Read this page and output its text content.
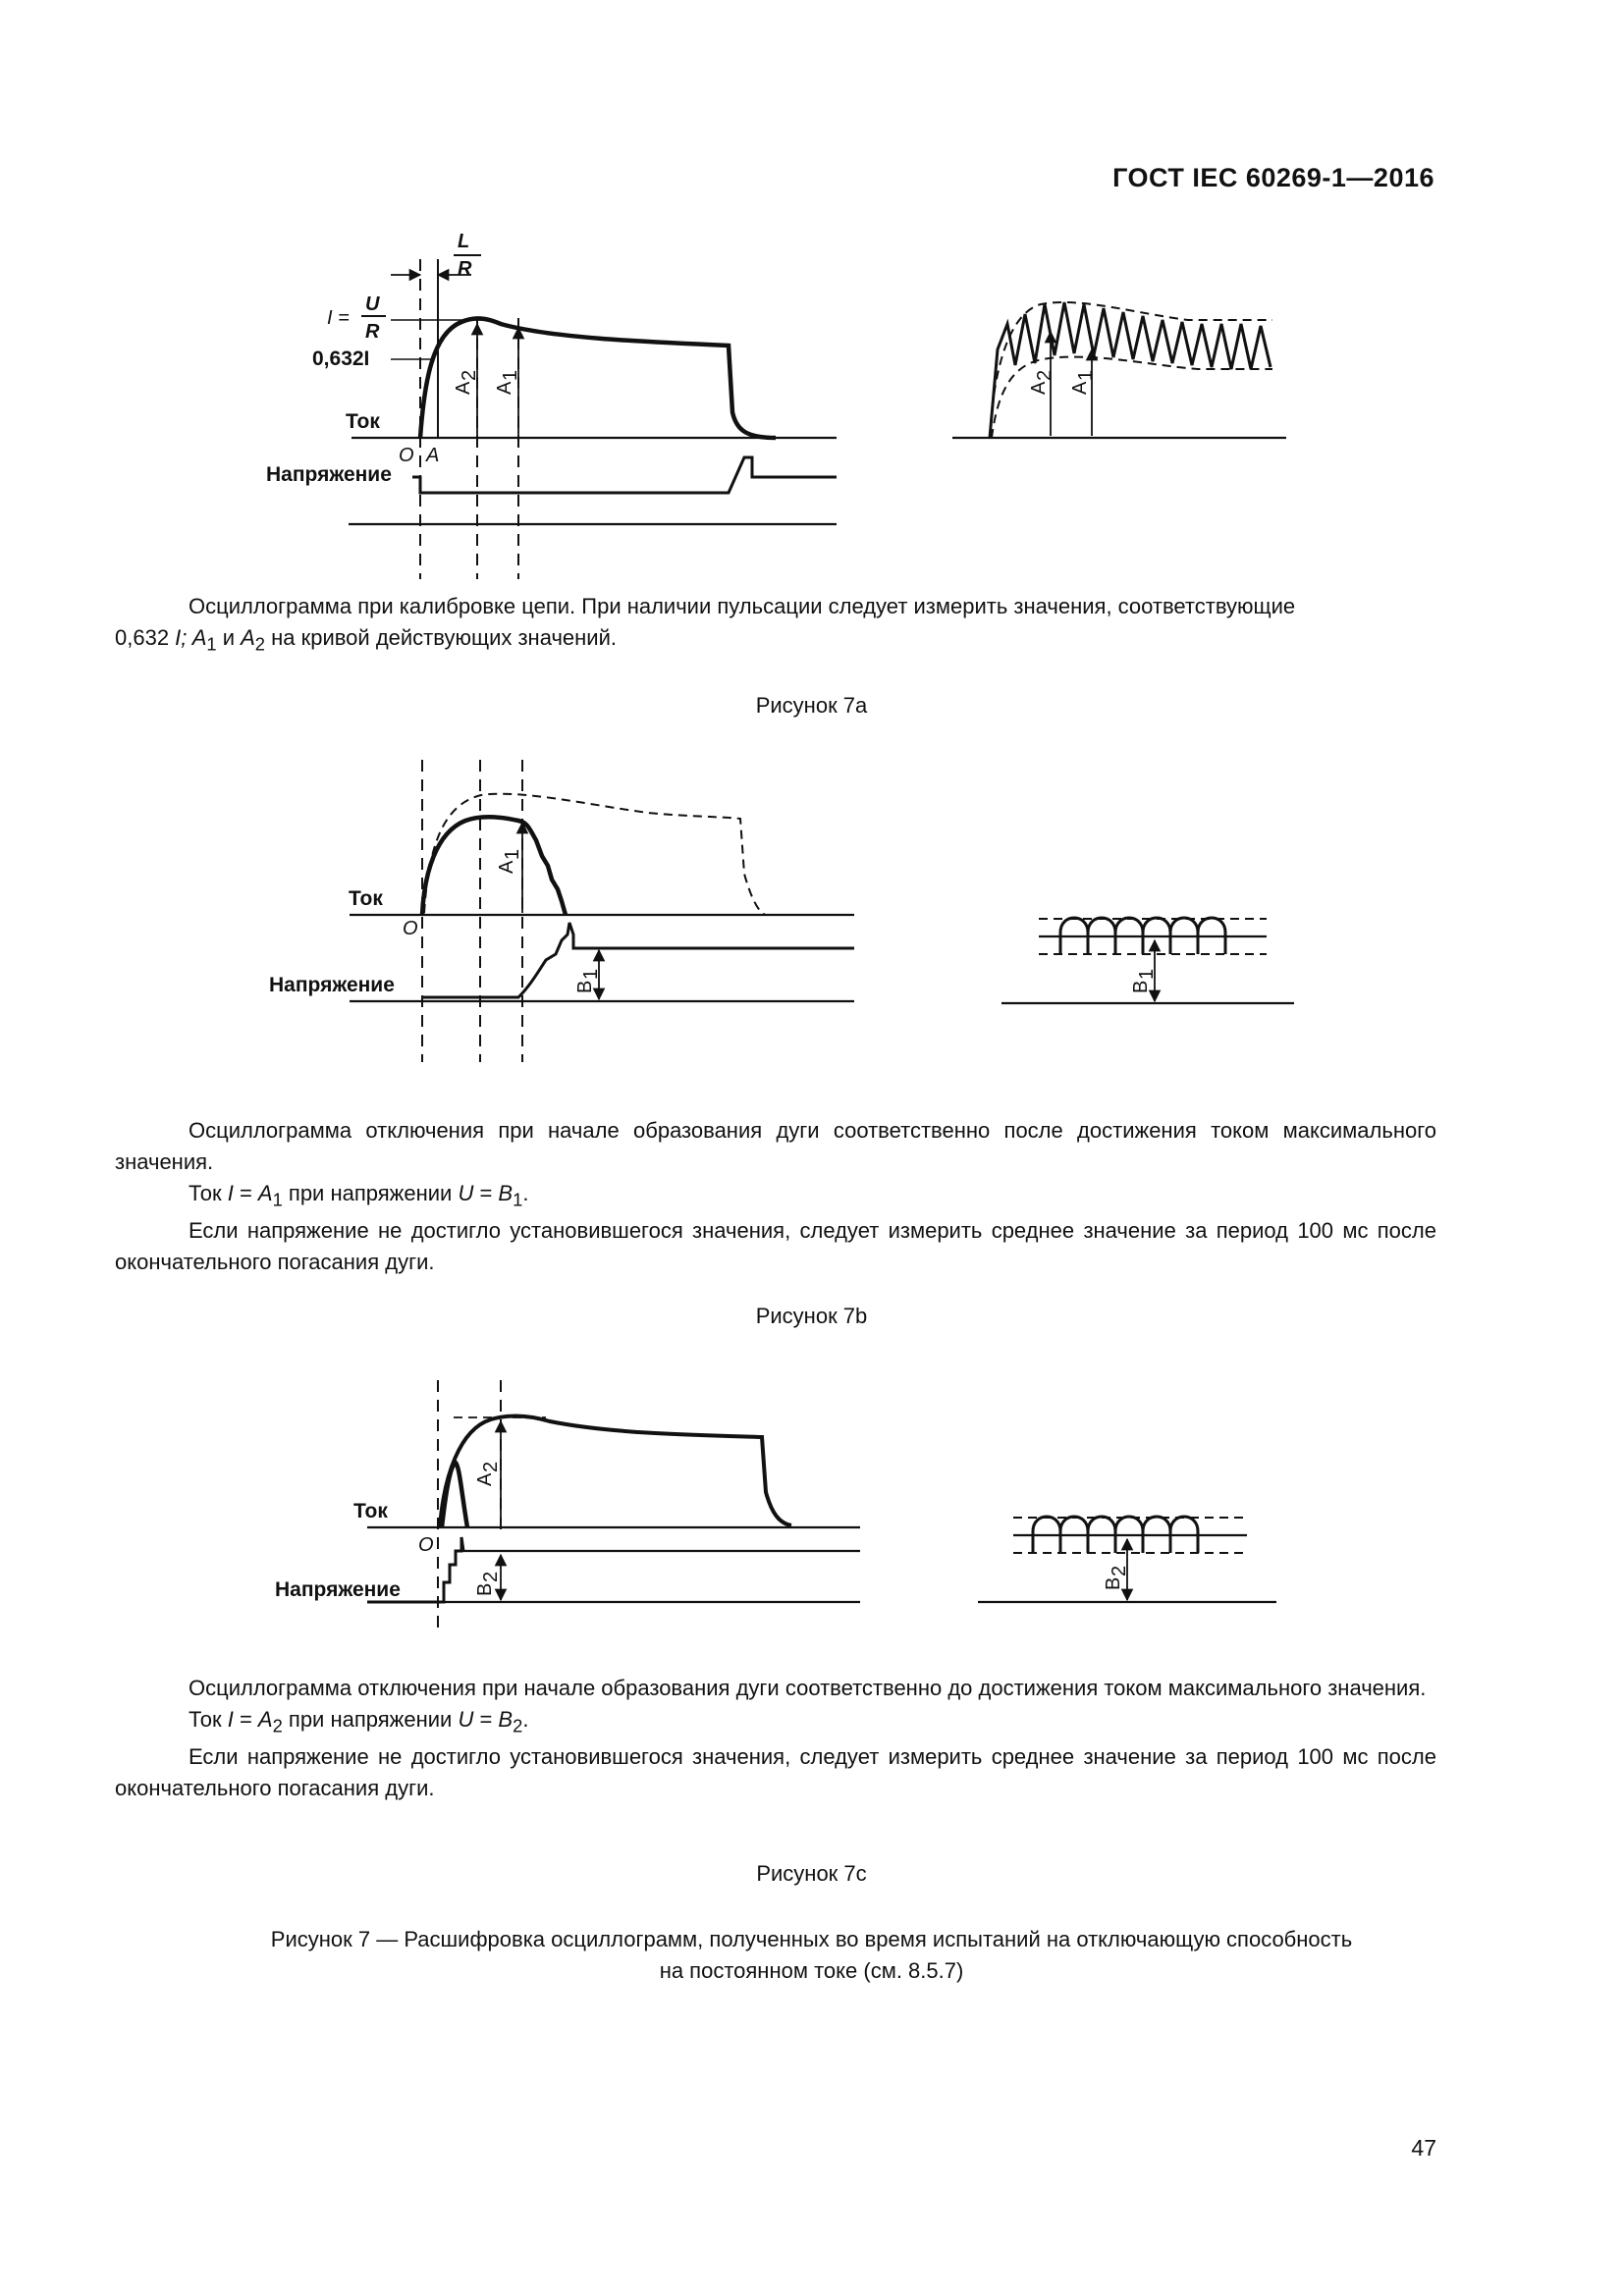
ГОСТ IEC 60269-1—2016
L
R
I =
U
R
0,632I
Ток
O A
Напряжение
A
2
A
1
A
2
A
1
Ток
O
Напряжение
A
1
B
1
B
1
Ток
O
Напряжение
A
2
B
2
B
2

Осциллограмма при калибровке цепи. При наличии пульсации следует измерить значения, соответствующие

0,632 I; $A_1$ и $A_2$ на кривой действующих значений.

Рисунок 7а

Осциллограмма отключения при начале образования дуги соответственно после достижения током максимального значения.

Ток $I = A_1$ при напряжении $U = B_1$.

Если напряжение не достигло установившегося значения, следует измерить среднее значение за период 100 мс после окончательного погасания дуги.

Рисунок 7b

Осциллограмма отключения при начале образования дуги соответственно до достижения током максимального значения.

Ток $I = A_2$ при напряжении $U = B_2$.

Если напряжение не достигло установившегося значения, следует измерить среднее значение за период 100 мс после окончательного погасания дуги.

Рисунок 7с
Рисунок 7 — Расшифровка осциллограмм, полученных во время испытаний на отключающую способность
на постоянном токе (см. 8.5.7)
47
